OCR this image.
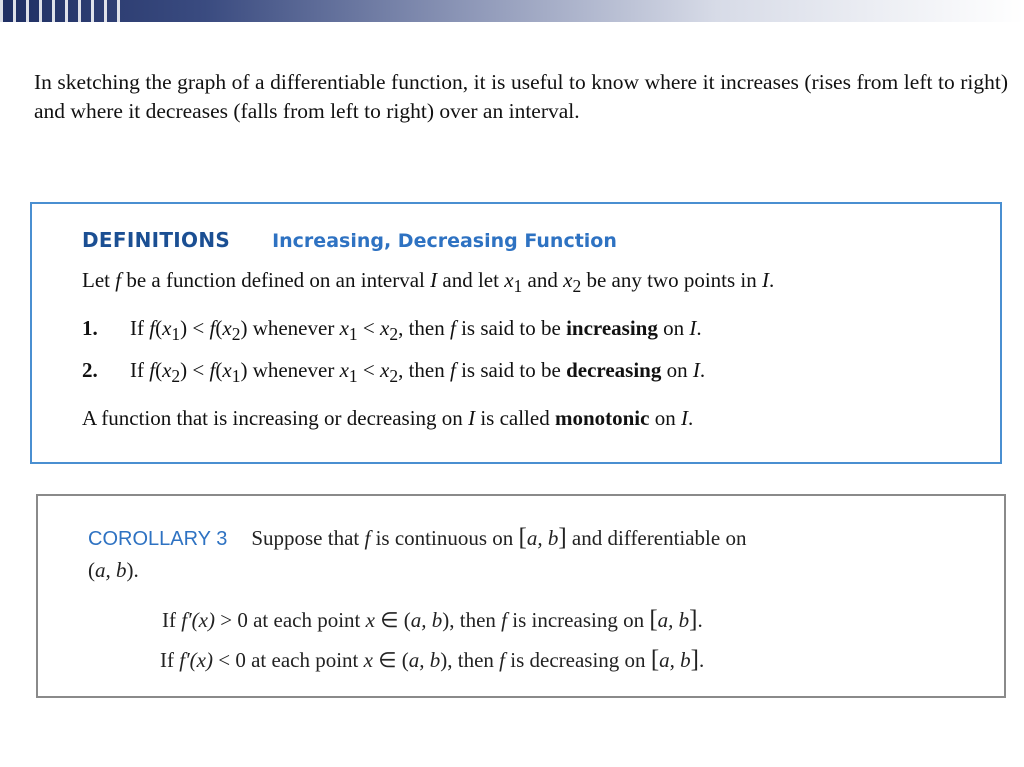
In sketching the graph of a differentiable function, it is useful to know where it increases (rises from left to right) and where it decreases (falls from left to right) over an interval.

DEFINITIONS Increasing, Decreasing Function
Let f be a function defined on an interval I and let $x_1$ and $x_2$ be any two points in I.
1. If $f(x_1) < f(x_2)$ whenever $x_1 < x_2$, then f is said to be increasing on I.
2. If $f(x_2) < f(x_1)$ whenever $x_1 < x_2$, then f is said to be decreasing on I.
A function that is increasing or decreasing on I is called monotonic on I.
COROLLARY 3 Suppose that f is continuous on [a, b] and differentiable on
(a, b).
If f′(x) > 0 at each point x ∈ (a, b), then f is increasing on [a, b].
If f′(x) < 0 at each point x ∈ (a, b), then f is decreasing on [a, b].
